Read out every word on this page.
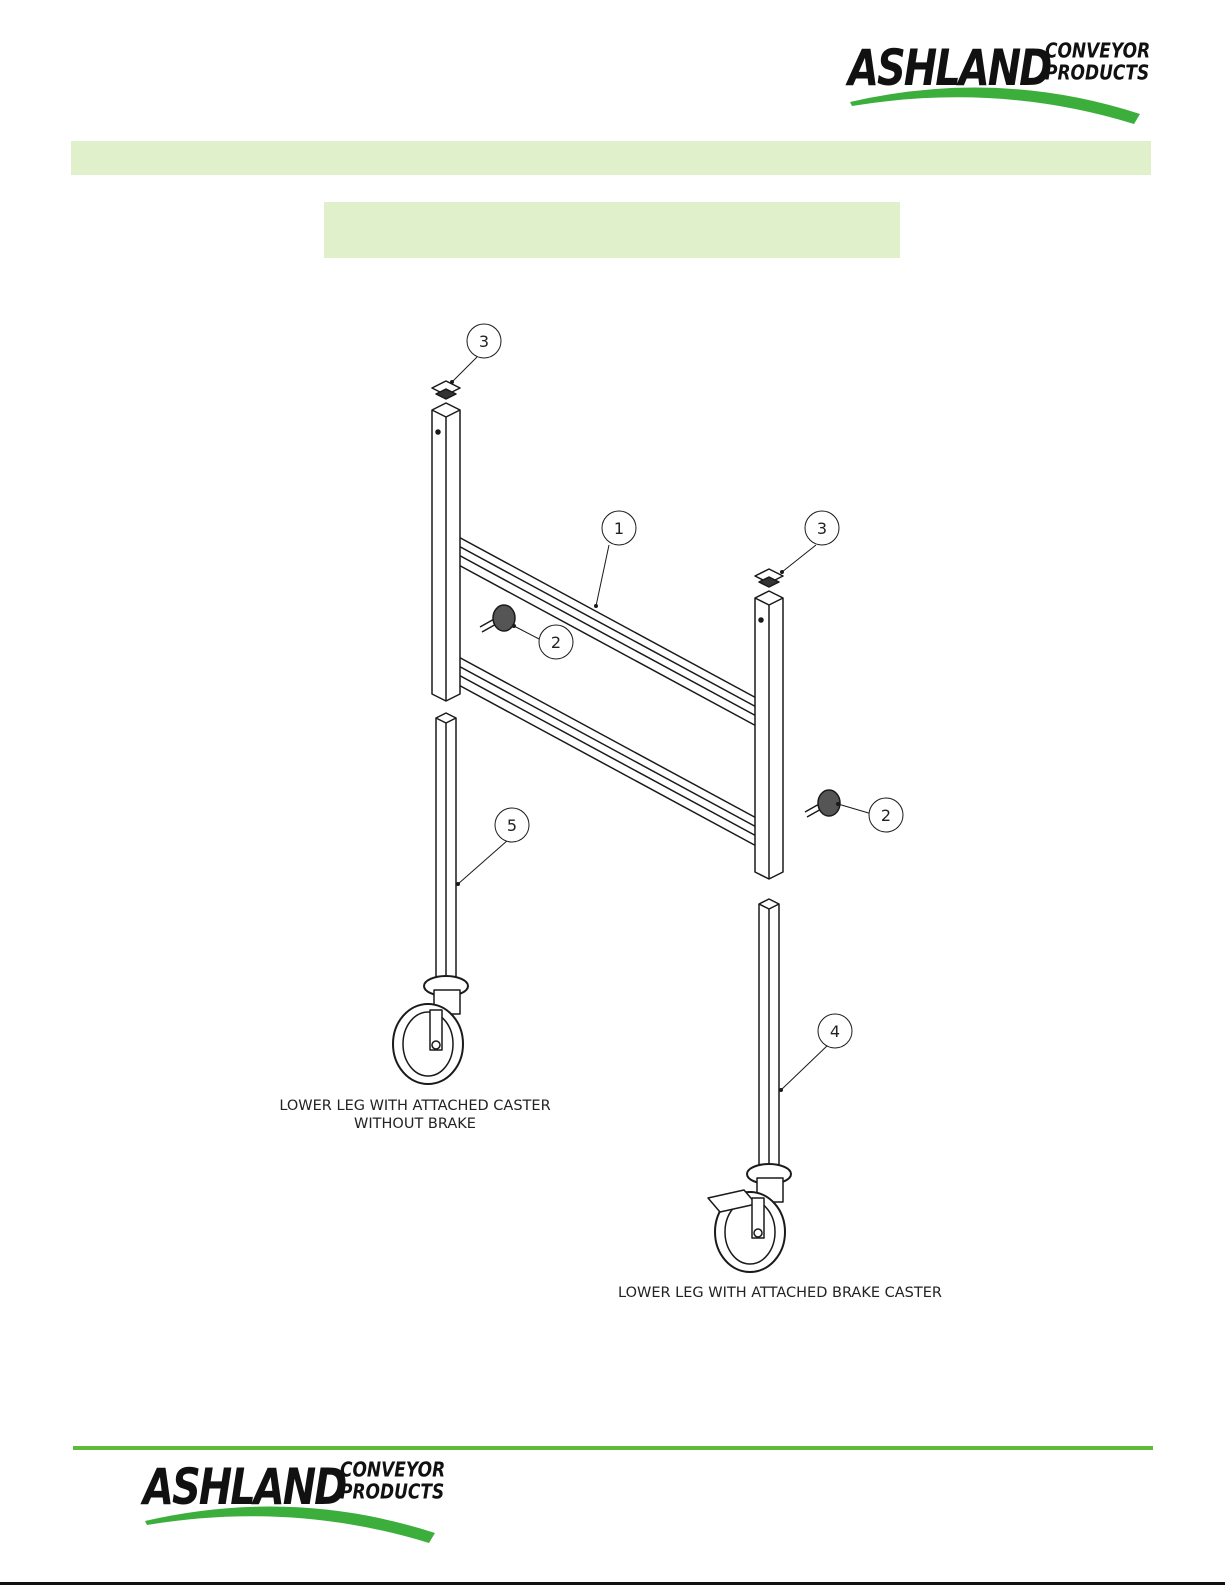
ASHLAND
CONVEYOR
PRODUCTS
3
1	3
2
2
5
4
LOWER LEG WITH ATTACHED CASTER
WITHOUT BRAKE
LOWER LEG WITH ATTACHED BRAKE CASTER
ASHLAND
CONVEYOR
PRODUCTS
